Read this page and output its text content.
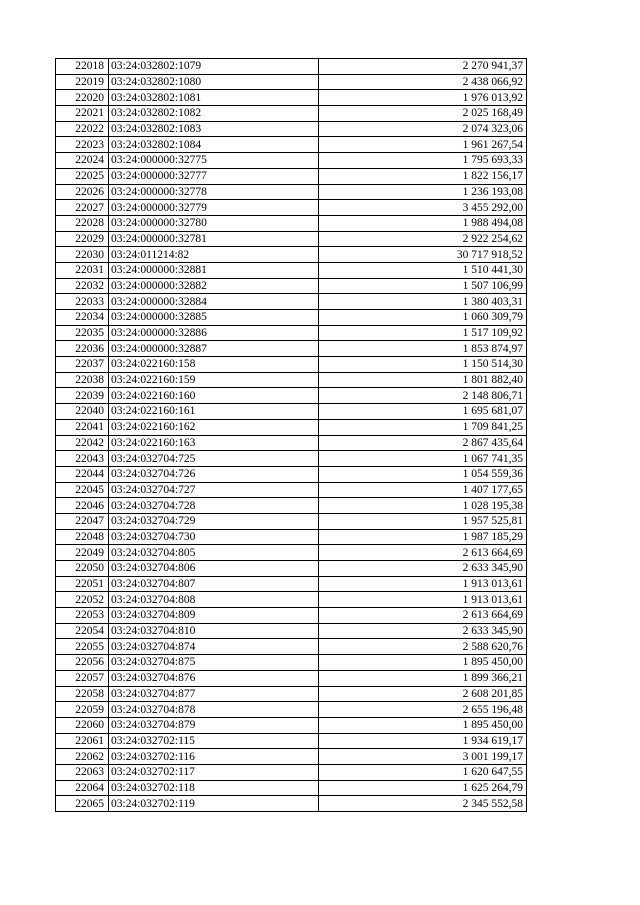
22018	03:24:032802:1079	2 270 941,37
22019	03:24:032802:1080	2 438 066,92
22020	03:24:032802:1081	1 976 013,92
22021	03:24:032802:1082	2 025 168,49
22022	03:24:032802:1083	2 074 323,06
22023	03:24:032802:1084	1 961 267,54
22024	03:24:000000:32775	1 795 693,33
22025	03:24:000000:32777	1 822 156,17
22026	03:24:000000:32778	1 236 193,08
22027	03:24:000000:32779	3 455 292,00
22028	03:24:000000:32780	1 988 494,08
22029	03:24:000000:32781	2 922 254,62
22030	03:24:011214:82	30 717 918,52
22031	03:24:000000:32881	1 510 441,30
22032	03:24:000000:32882	1 507 106,99
22033	03:24:000000:32884	1 380 403,31
22034	03:24:000000:32885	1 060 309,79
22035	03:24:000000:32886	1 517 109,92
22036	03:24:000000:32887	1 853 874,97
22037	03:24:022160:158	1 150 514,30
22038	03:24:022160:159	1 801 882,40
22039	03:24:022160:160	2 148 806,71
22040	03:24:022160:161	1 695 681,07
22041	03:24:022160:162	1 709 841,25
22042	03:24:022160:163	2 867 435,64
22043	03:24:032704:725	1 067 741,35
22044	03:24:032704:726	1 054 559,36
22045	03:24:032704:727	1 407 177,65
22046	03:24:032704:728	1 028 195,38
22047	03:24:032704:729	1 957 525,81
22048	03:24:032704:730	1 987 185,29
22049	03:24:032704:805	2 613 664,69
22050	03:24:032704:806	2 633 345,90
22051	03:24:032704:807	1 913 013,61
22052	03:24:032704:808	1 913 013,61
22053	03:24:032704:809	2 613 664,69
22054	03:24:032704:810	2 633 345,90
22055	03:24:032704:874	2 588 620,76
22056	03:24:032704:875	1 895 450,00
22057	03:24:032704:876	1 899 366,21
22058	03:24:032704:877	2 608 201,85
22059	03:24:032704:878	2 655 196,48
22060	03:24:032704:879	1 895 450,00
22061	03:24:032702:115	1 934 619,17
22062	03:24:032702:116	3 001 199,17
22063	03:24:032702:117	1 620 647,55
22064	03:24:032702:118	1 625 264,79
22065	03:24:032702:119	2 345 552,58
